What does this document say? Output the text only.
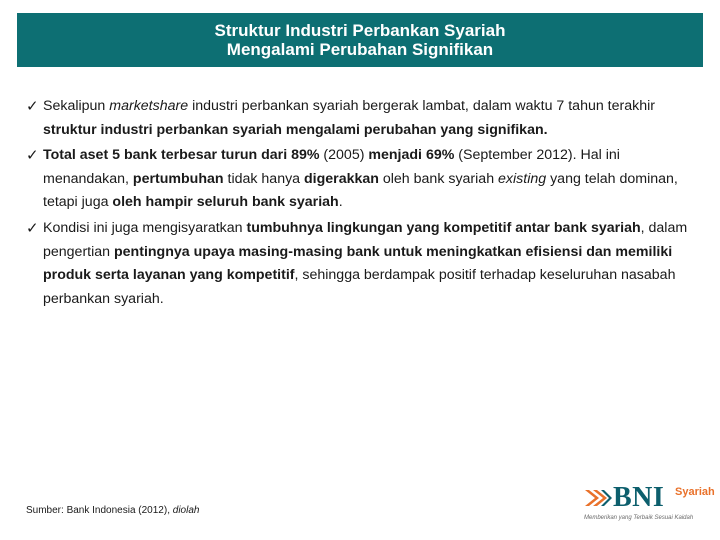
Struktur Industri Perbankan Syariah
Mengalami Perubahan Signifikan
✓ Sekalipun marketshare industri perbankan syariah bergerak lambat, dalam waktu 7 tahun terakhir struktur industri perbankan syariah mengalami perubahan yang signifikan.
✓ Total aset 5 bank terbesar turun dari 89% (2005) menjadi 69% (September 2012). Hal ini menandakan, pertumbuhan tidak hanya digerakkan oleh bank syariah existing yang telah dominan, tetapi juga oleh hampir seluruh bank syariah.
✓ Kondisi ini juga mengisyaratkan tumbuhnya lingkungan yang kompetitif antar bank syariah, dalam pengertian pentingnya upaya masing-masing bank untuk meningkatkan efisiensi dan memiliki produk serta layanan yang kompetitif, sehingga berdampak positif terhadap keseluruhan nasabah perbankan syariah.
Sumber: Bank Indonesia (2012), diolah	BNI Syariah
Memberikan yang Terbaik Sesuai Kaidah
